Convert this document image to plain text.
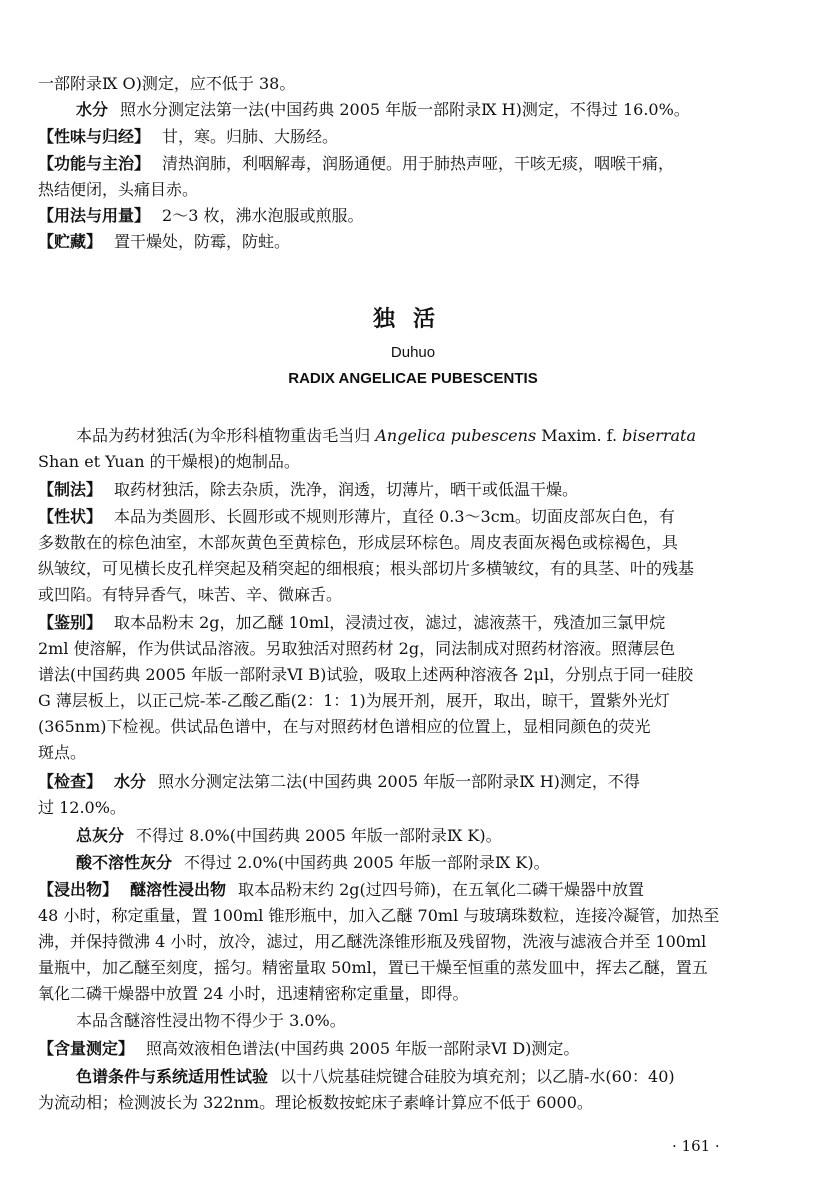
一部附录Ⅸ O)测定，应不低于 38。
水分 照水分测定法第一法(中国药典 2005 年版一部附录Ⅸ H)测定，不得过 16.0%。
【性味与归经】 甘，寒。归肺、大肠经。
【功能与主治】 清热润肺，利咽解毒，润肠通便。用于肺热声哑，干咳无痰，咽喉干痛，
热结便闭，头痛目赤。
【用法与用量】 2～3 枚，沸水泡服或煎服。
【贮藏】 置干燥处，防霉，防蛀。
独活
Duhuo
RADIX ANGELICAE PUBESCENTIS
本品为药材独活(为伞形科植物重齿毛当归 Angelica pubescens Maxim. f. biserrata
Shan et Yuan 的干燥根)的炮制品。
【制法】 取药材独活，除去杂质，洗净，润透，切薄片，晒干或低温干燥。
【性状】 本品为类圆形、长圆形或不规则形薄片，直径 0.3～3cm。切面皮部灰白色，有
多数散在的棕色油室，木部灰黄色至黄棕色，形成层环棕色。周皮表面灰褐色或棕褐色，具
纵皱纹，可见横长皮孔样突起及稍突起的细根痕；根头部切片多横皱纹，有的具茎、叶的残基
或凹陷。有特异香气，味苦、辛、微麻舌。
【鉴别】 取本品粉末 2g，加乙醚 10ml，浸渍过夜，滤过，滤液蒸干，残渣加三氯甲烷
2ml 使溶解，作为供试品溶液。另取独活对照药材 2g，同法制成对照药材溶液。照薄层色
谱法(中国药典 2005 年版一部附录Ⅵ B)试验，吸取上述两种溶液各 2μl，分别点于同一硅胶
G 薄层板上，以正己烷-苯-乙酸乙酯(2：1：1)为展开剂，展开，取出，晾干，置紫外光灯
(365nm)下检视。供试品色谱中，在与对照药材色谱相应的位置上，显相同颜色的荧光
斑点。
【检查】 水分 照水分测定法第二法(中国药典 2005 年版一部附录Ⅸ H)测定，不得
过 12.0%。
总灰分 不得过 8.0%(中国药典 2005 年版一部附录Ⅸ K)。
酸不溶性灰分 不得过 2.0%(中国药典 2005 年版一部附录Ⅸ K)。
【浸出物】 醚溶性浸出物 取本品粉末约 2g(过四号筛)，在五氧化二磷干燥器中放置
48 小时，称定重量，置 100ml 锥形瓶中，加入乙醚 70ml 与玻璃珠数粒，连接冷凝管，加热至
沸，并保持微沸 4 小时，放冷，滤过，用乙醚洗涤锥形瓶及残留物，洗液与滤液合并至 100ml
量瓶中，加乙醚至刻度，摇匀。精密量取 50ml，置已干燥至恒重的蒸发皿中，挥去乙醚，置五
氧化二磷干燥器中放置 24 小时，迅速精密称定重量，即得。
本品含醚溶性浸出物不得少于 3.0%。
【含量测定】 照高效液相色谱法(中国药典 2005 年版一部附录Ⅵ D)测定。
色谱条件与系统适用性试验 以十八烷基硅烷键合硅胶为填充剂；以乙腈-水(60：40)
为流动相；检测波长为 322nm。理论板数按蛇床子素峰计算应不低于 6000。
· 161 ·
